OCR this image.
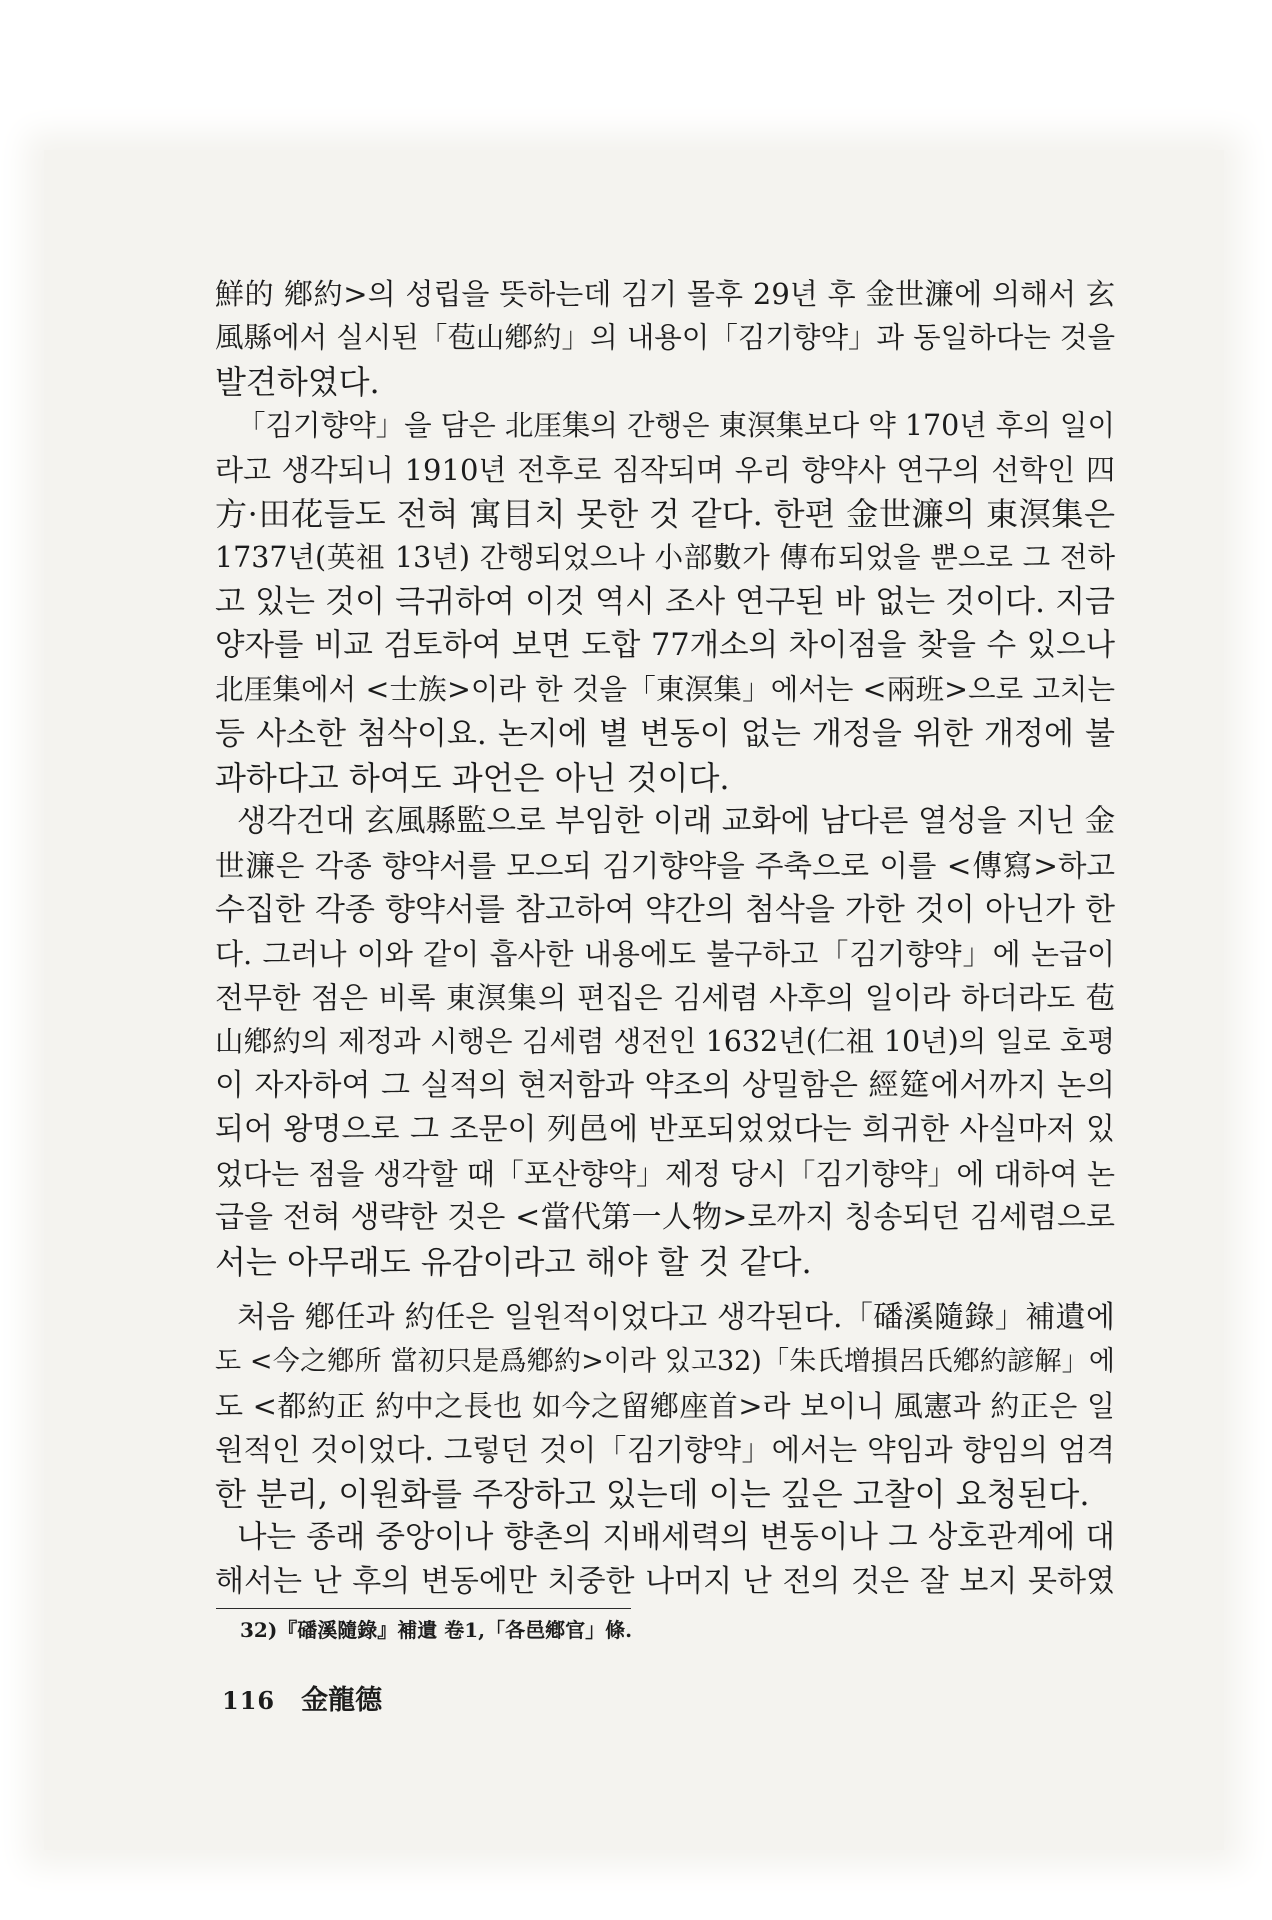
鮮的 鄕約>의 성립을 뜻하는데 김기 몰후 29년 후 金世濂에 의해서 玄
風縣에서 실시된「苞山鄕約」의 내용이「김기향약」과 동일하다는 것을
발견하였다.
「김기향약」을 담은 北厓集의 간행은 東溟集보다 약 170년 후의 일이
라고 생각되니 1910년 전후로 짐작되며 우리 향약사 연구의 선학인 四
方·田花들도 전혀 寓目치 못한 것 같다. 한편 金世濂의 東溟集은
1737년(英祖 13년) 간행되었으나 小部數가 傳布되었을 뿐으로 그 전하
고 있는 것이 극귀하여 이것 역시 조사 연구된 바 없는 것이다. 지금
양자를 비교 검토하여 보면 도합 77개소의 차이점을 찾을 수 있으나
北厓集에서 <士族>이라 한 것을「東溟集」에서는 <兩班>으로 고치는
등 사소한 첨삭이요. 논지에 별 변동이 없는 개정을 위한 개정에 불
과하다고 하여도 과언은 아닌 것이다.
생각건대 玄風縣監으로 부임한 이래 교화에 남다른 열성을 지닌 金
世濂은 각종 향약서를 모으되 김기향약을 주축으로 이를 <傳寫>하고
수집한 각종 향약서를 참고하여 약간의 첨삭을 가한 것이 아닌가 한
다. 그러나 이와 같이 흡사한 내용에도 불구하고「김기향약」에 논급이
전무한 점은 비록 東溟集의 편집은 김세렴 사후의 일이라 하더라도 苞
山鄕約의 제정과 시행은 김세렴 생전인 1632년(仁祖 10년)의 일로 호평
이 자자하여 그 실적의 현저함과 약조의 상밀함은 經筵에서까지 논의
되어 왕명으로 그 조문이 列邑에 반포되었었다는 희귀한 사실마저 있
었다는 점을 생각할 때「포산향약」제정 당시「김기향약」에 대하여 논
급을 전혀 생략한 것은 <當代第一人物>로까지 칭송되던 김세렴으로
서는 아무래도 유감이라고 해야 할 것 같다.
처음 鄕任과 約任은 일원적이었다고 생각된다.「磻溪隨錄」補遺에
도 <今之鄕所 當初只是爲鄕約>이라 있고32)「朱氏增損呂氏鄕約諺解」에
도 <都約正 約中之長也 如今之留鄕座首>라 보이니 風憲과 約正은 일
원적인 것이었다. 그렇던 것이「김기향약」에서는 약임과 향임의 엄격
한 분리, 이원화를 주장하고 있는데 이는 깊은 고찰이 요청된다.
나는 종래 중앙이나 향촌의 지배세력의 변동이나 그 상호관계에 대
해서는 난 후의 변동에만 치중한 나머지 난 전의 것은 잘 보지 못하였
32)『磻溪隨錄』補遺 卷1,「各邑鄕官」條.
116 金龍德
